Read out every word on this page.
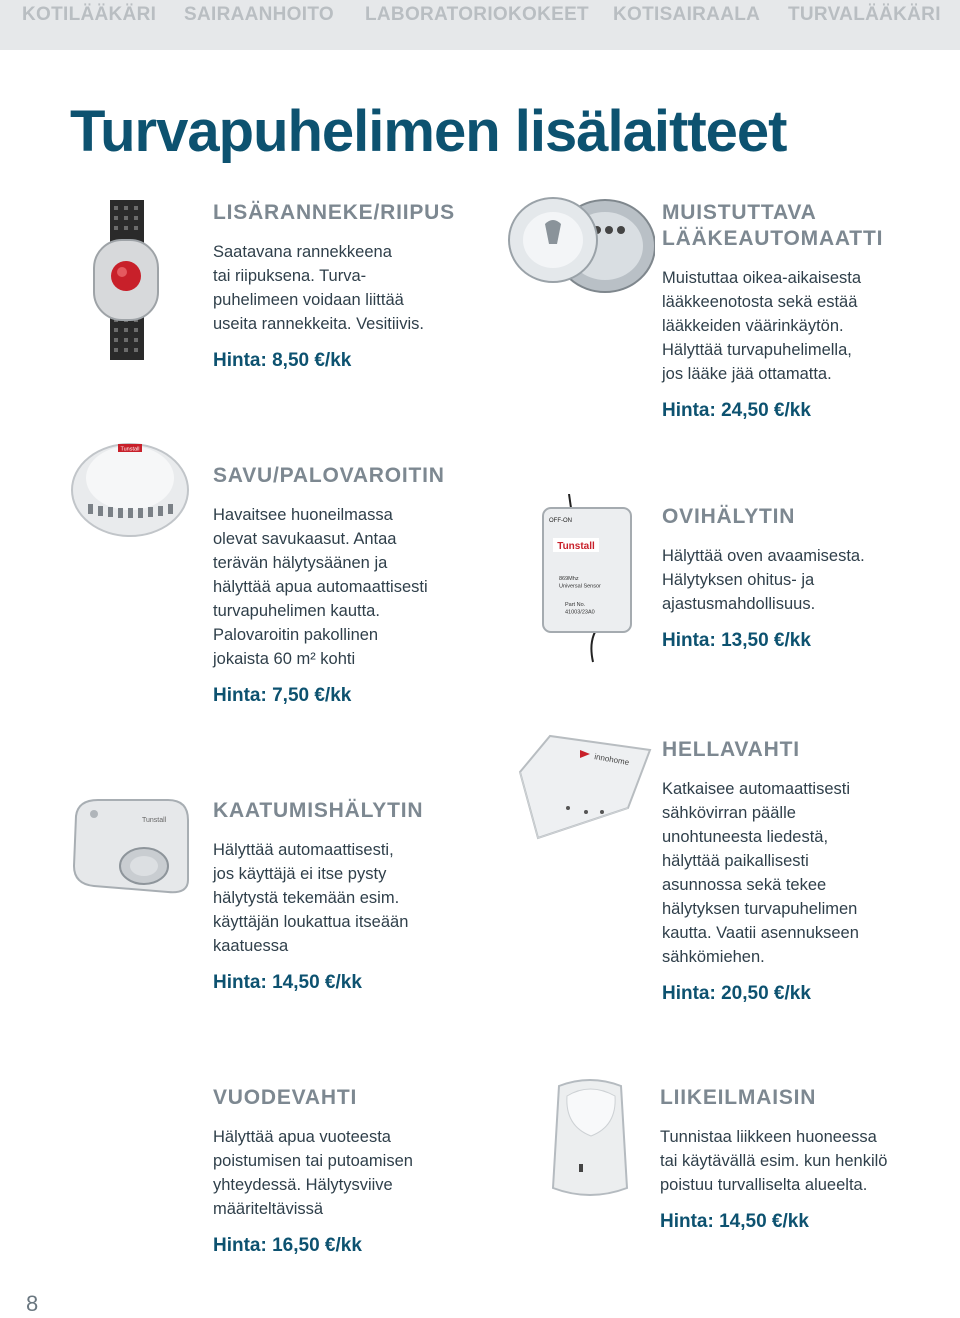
KOTILÄÄKÄRI SAIRAANHOITO LABORATORIOKOKEET KOTISAIRAALA TURVALÄÄKÄRI
Turvapuhelimen lisälaitteet
LISÄRANNEKE/RIIPUS

Saatavana rannekkeena
tai riipuksena. Turva-
puhelimeen voidaan liittää
useita rannekkeita. Vesitiivis.

Hinta: 8,50 €/kk
MUISTUTTAVA
LÄÄKEAUTOMAATTI

Muistuttaa oikea-aikaisesta
lääkkeenotosta sekä estää
lääkkeiden väärinkäytön.
Hälyttää turvapuhelimella,
jos lääke jää ottamatta.

Hinta: 24,50 €/kk
Tunstall
SAVU/PALOVAROITIN

Havaitsee huoneilmassa
olevat savukaasut. Antaa
terävän hälytysäänen ja
hälyttää apua automaattisesti
turvapuhelimen kautta.
Palovaroitin pakollinen
jokaista 60 m² kohti

Hinta: 7,50 €/kk
OFF-ON
Tunstall
869Mhz Universal Sensor
Part No. 41003/23A0
OVIHÄLYTIN

Hälyttää oven avaamisesta.
Hälytyksen ohitus- ja
ajastusmahdollisuus.

Hinta: 13,50 €/kk
innohome HELLAVAHTI

Katkaisee automaattisesti
sähkövirran päälle
unohtuneesta liedestä,
hälyttää paikallisesti
asunnossa sekä tekee
hälytyksen turvapuhelimen
kautta. Vaatii asennukseen
sähkömiehen.

Hinta: 20,50 €/kk
Tunstall KAATUMISHÄLYTIN

Hälyttää automaattisesti,
jos käyttäjä ei itse pysty
hälytystä tekemään esim.
käyttäjän loukattua itseään
kaatuessa

Hinta: 14,50 €/kk
VUODEVAHTI

Hälyttää apua vuoteesta
poistumisen tai putoamisen
yhteydessä. Hälytysviive
määriteltävissä

Hinta: 16,50 €/kk
LIIKEILMAISIN

Tunnistaa liikkeen huoneessa
tai käytävällä esim. kun henkilö
poistuu turvalliselta alueelta.

Hinta: 14,50 €/kk
8
